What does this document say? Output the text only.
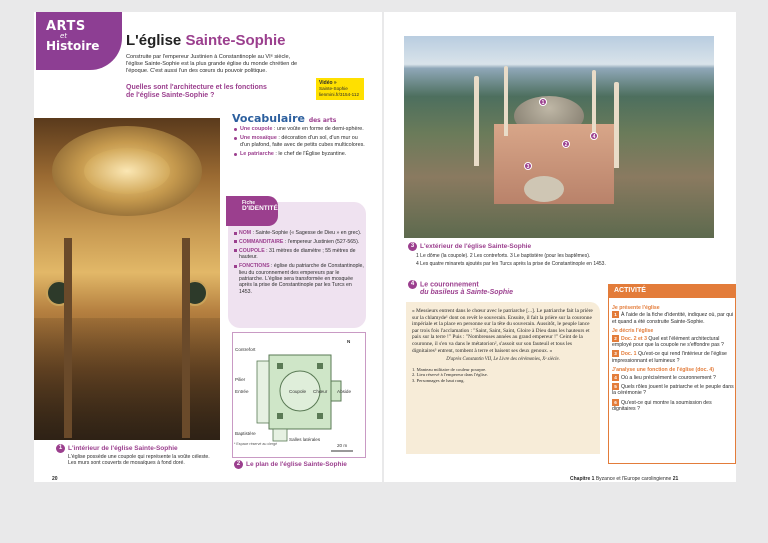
ARTS
et
Histoire	L'église Sainte-Sophie
Construite par l'empereur Justinien à Constantinople au VIᵉ siècle, l'église Sainte-Sophie est la plus grande église du monde chrétien de l'époque. C'est aussi l'un des cœurs du pouvoir politique.
Quelles sont l'architecture et les fonctions de l'église Sainte-Sophie ?
Vidéo »
Sainte-Sophie
lienmini.fr/3154-112
Vocabulaire des arts
Une coupole : une voûte en forme de demi-sphère.
Une mosaïque : décoration d'un sol, d'un mur ou d'un plafond, faite avec de petits cubes multicolores.
Le patriarche : le chef de l'Église byzantine.
Fiche
D'IDENTITÉ
NOM : Sainte-Sophie (« Sagesse de Dieu » en grec).
COMMANDITAIRE : l'empereur Justinien (527-565).
COUPOLE : 31 mètres de diamètre ; 55 mètres de hauteur.
FONCTIONS : église du patriarche de Constantinople, lieu du couronnement des empereurs par le patriarche. L'église sera transformée en mosquée après la prise de Constantinople par les Turcs en 1453.
Contrefort
Pilier
Entrée	Coupole Chœur Abside
Baptistère
Salles latérales
20 m
N
* Espace réservé au clergé
1 L'intérieur de l'église Sainte-Sophie
L'église possède une coupole qui représente la voûte céleste. Les murs sont couverts de mosaïques à fond doré.	2 Le plan de l'église Sainte-Sophie
20
1
2
3
4
3 L'extérieur de l'église Sainte-Sophie
1 Le dôme (la coupole). 2 Les contreforts. 3 Le baptistère (pour les baptêmes).
4 Les quatre minarets ajoutés par les Turcs après la prise de Constantinople en 1453.
4 Le couronnement
du basileus à Sainte-Sophie
« Messieurs entrent dans le chœur avec le patriarche [...]. Le patriarche fait la prière sur la chlamyde¹ dont on revêt le souverain. Ensuite, il fait la prière sur la couronne impériale et la place en personne sur la tête du souverain. Aussitôt, le peuple lance par trois fois l'acclamation : "Saint, Saint, Saint, Gloire à Dieu dans les hauteurs et paix sur la terre !" Puis : "Nombreuses années au grand empereur !" Ceint de la couronne, il s'en va dans le métatorion², s'assoit sur son fauteuil et tous les dignitaires³ entrent, tombent à terre et baisent ses deux genoux. »
D'après Constantin VII, Le Livre des cérémonies, Xᵉ siècle.
1. Manteau militaire de couleur pourpre.
2. Lieu réservé à l'empereur dans l'église.
3. Personnages de haut rang.
ACTIVITÉ
Je présente l'église
1 À l'aide de la fiche d'identité, indiquez où, par qui et quand a été construite Sainte-Sophie.
Je décris l'église
2 Doc. 2 et 3 Quel est l'élément architectural employé pour que la coupole ne s'effondre pas ?
3 Doc. 1 Qu'est-ce qui rend l'intérieur de l'église impressionnant et lumineux ?
J'analyse une fonction de l'église (doc. 4)
4 Où a lieu précisément le couronnement ?
5 Quels rôles jouent le patriarche et le peuple dans la cérémonie ?
6 Qu'est-ce qui montre la soumission des dignitaires ?
Chapitre 1 Byzance et l'Europe carolingienne 21
